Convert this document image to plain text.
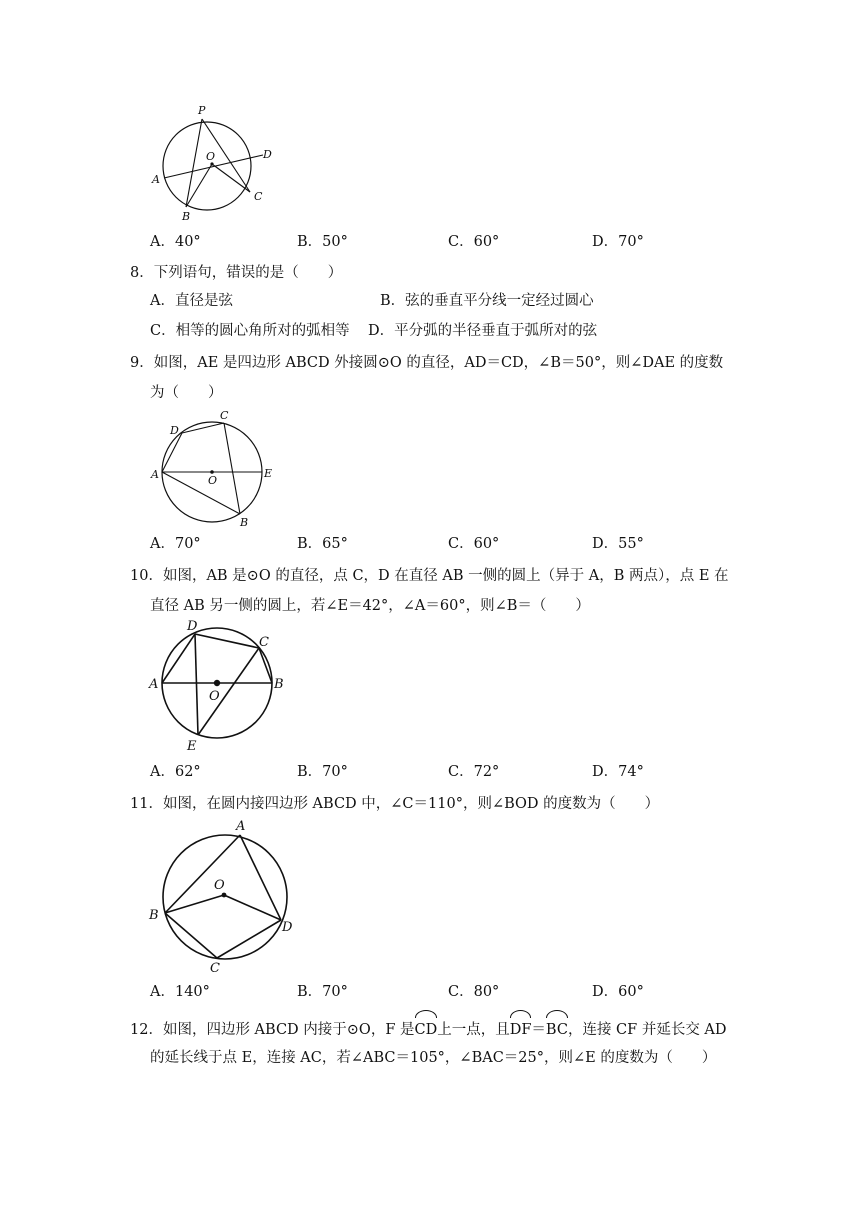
P
O	D
A
B
C
A．40°	B．50°	C．60°	D．70°
8．下列语句，错误的是（　　）
A．直径是弦	B．弦的垂直平分线一定经过圆心
C．相等的圆心角所对的弧相等 D．平分弧的半径垂直于弧所对的弦
9．如图，AE 是四边形 ABCD 外接圆⊙O 的直径，AD＝CD，∠B＝50°，则∠DAE 的度数
为（　　）
C
D
A	O
E
B
A．70°	B．65°	C．60°	D．55°
10．如图，AB 是⊙O 的直径，点 C，D 在直径 AB 一侧的圆上（异于 A，B 两点），点 E 在
直径 AB 另一侧的圆上，若∠E＝42°，∠A＝60°，则∠B＝（　　）
D
C
A
O
B
E
A．62°	B．70°	C．72°	D．74°
11．如图，在圆内接四边形 ABCD 中，∠C＝110°，则∠BOD 的度数为（　　）
A
O
B
D
C
A．140°	B．70°	C．80°	D．60°
12．如图，四边形 ABCD 内接于⊙O，F 是CD上一点，且DF＝BC，连接 CF 并延长交 AD
的延长线于点 E，连接 AC，若∠ABC＝105°，∠BAC＝25°，则∠E 的度数为（　　）
